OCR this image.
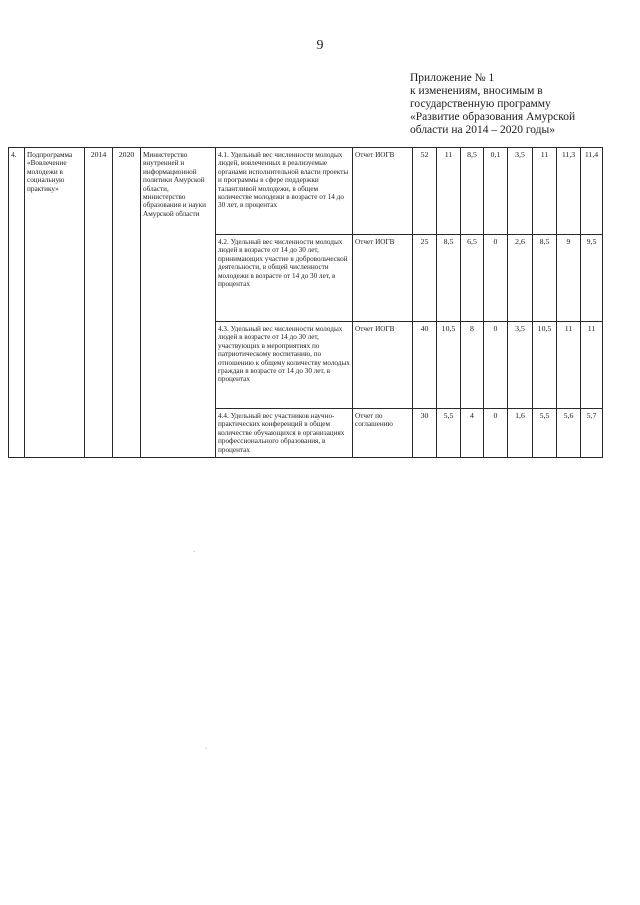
9
Приложение № 1
к изменениям, вносимым в
государственную программу
«Развитие образования Амурской
области на 2014 – 2020 годы»
4.	Подпрограмма «Вовлечение молодежи в социальную практику»	2014	2020	Министерство внутренней и информационной политики Амурской области, министерство образования и науки Амурской области	4.1. Удельный вес численности молодых людей, вовлеченных в реализуемые органами исполнительной власти проекты и программы в сфере поддержки талантливой молодежи, в общем количестве молодежи в возрасте от 14 до 30 лет, в процентах	Отчет ИОГВ	52	11	8,5	0,1	3,5	11	11,3	11,4
					4.2. Удельный вес численности молодых людей в возрасте от 14 до 30 лет, принимающих участие в добровольческой деятельности, в общей численности молодежи в возрасте от 14 до 30 лет, в процентах	Отчет ИОГВ	25	8,5	6,5	0	2,6	8,5	9	9,5
					4.3. Удельный вес численности молодых людей в возрасте от 14 до 30 лет, участвующих в мероприятиях по патриотическому воспитанию, по отношению к общему количеству молодых граждан в возрасте от 14 до 30 лет, в процентах	Отчет ИОГВ	40	10,5	8	0	3,5	10,5	11	11
					4.4. Удельный вес участников научно-практических конференций в общем количестве обучающихся в организациях профессионального образования, в процентах	Отчет по соглашению	30	5,5	4	0	1,6	5,5	5,6	5,7
·
·
